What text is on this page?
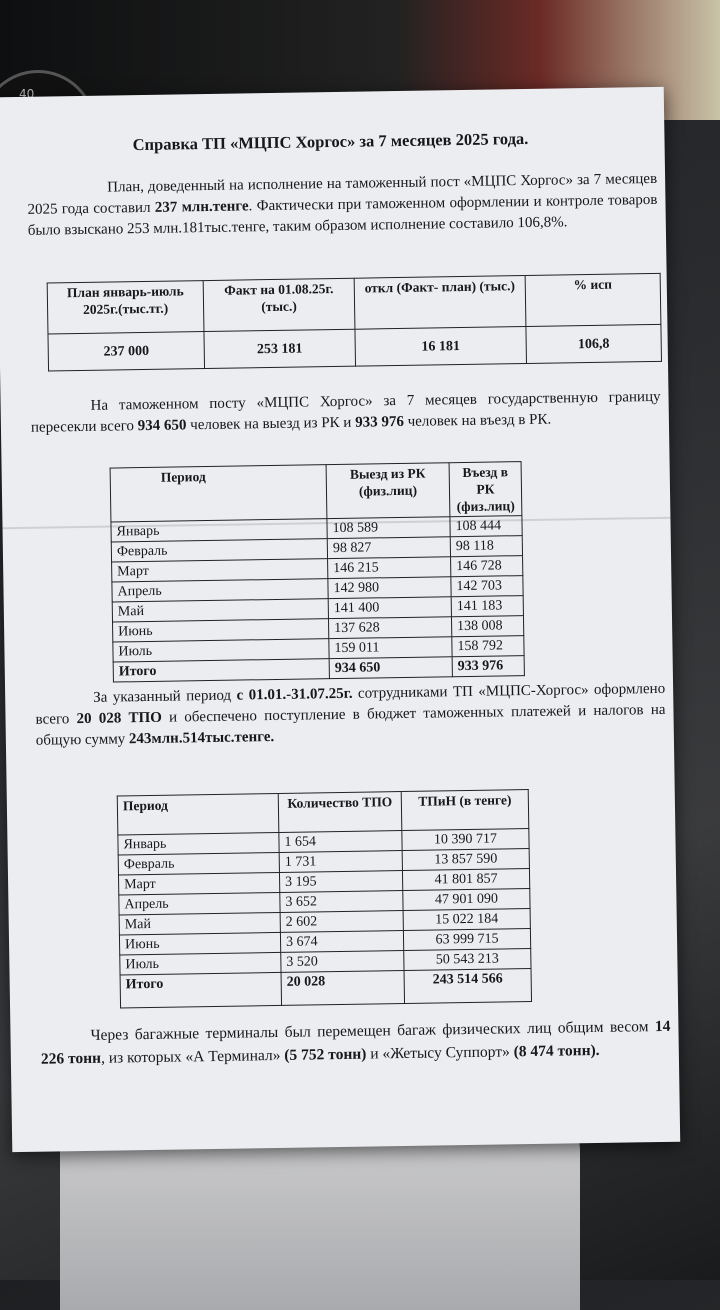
40
Справка ТП «МЦПС Хоргос» за 7 месяцев 2025 года.
План, доведенный на исполнение на таможенный пост «МЦПС Хоргос» за 7 месяцев 2025 года составил 237 млн.тенге. Фактически при таможенном оформлении и контроле товаров было взыскано 253 млн.181тыс.тенге, таким образом исполнение составило 106,8%.
План январь-июль 2025г.(тыс.тг.)	Факт на 01.08.25г. (тыс.)	откл (Факт- план) (тыс.)	% исп
237 000	253 181	16 181	106,8
На таможенном посту «МЦПС Хоргос» за 7 месяцев государственную границу пересекли всего 934 650 человек на выезд из РК и 933 976 человек на въезд в РК.
Период	Выезд из РК (физ.лиц)	Въезд в РК (физ.лиц)
Январь	108 589	108 444
Февраль	98 827	98 118
Март	146 215	146 728
Апрель	142 980	142 703
Май	141 400	141 183
Июнь	137 628	138 008
Июль	159 011	158 792
Итого	934 650	933 976
За указанный период с 01.01.-31.07.25г. сотрудниками ТП «МЦПС-Хоргос» оформлено всего 20 028 ТПО и обеспечено поступление в бюджет таможенных платежей и налогов на общую сумму 243млн.514тыс.тенге.
Период	Количество ТПО	ТПиН (в тенге)
Январь	1 654	10 390 717
Февраль	1 731	13 857 590
Март	3 195	41 801 857
Апрель	3 652	47 901 090
Май	2 602	15 022 184
Июнь	3 674	63 999 715
Июль	3 520	50 543 213
Итого	20 028	243 514 566
Через багажные терминалы был перемещен багаж физических лиц общим весом 14 226 тонн, из которых «А Терминал» (5 752 тонн) и «Жетысу Суппорт» (8 474 тонн).
